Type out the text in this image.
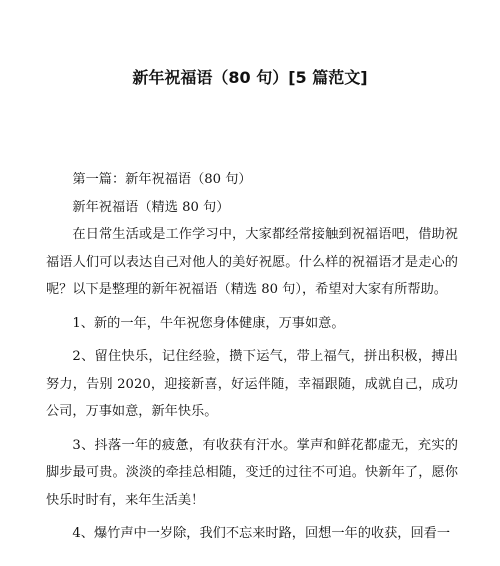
新年祝福语（80 句）[5 篇范文]

第一篇：新年祝福语（80 句）

新年祝福语（精选 80 句）

在日常生活或是工作学习中，大家都经常接触到祝福语吧，借助祝福语人们可以表达自己对他人的美好祝愿。什么样的祝福语才是走心的呢？以下是整理的新年祝福语（精选 80 句），希望对大家有所帮助。

1、新的一年，牛年祝您身体健康，万事如意。

2、留住快乐，记住经验，攒下运气，带上福气，拼出积极，搏出努力，告别 2020，迎接新喜，好运伴随，幸福跟随，成就自己，成功公司，万事如意，新年快乐。

3、抖落一年的疲惫，有收获有汗水。掌声和鲜花都虚无，充实的脚步最可贵。淡淡的牵挂总相随，变迁的过往不可追。快新年了，愿你快乐时时有，来年生活美！

4、爆竹声中一岁除，我们不忘来时路，回想一年的收获，回看一
